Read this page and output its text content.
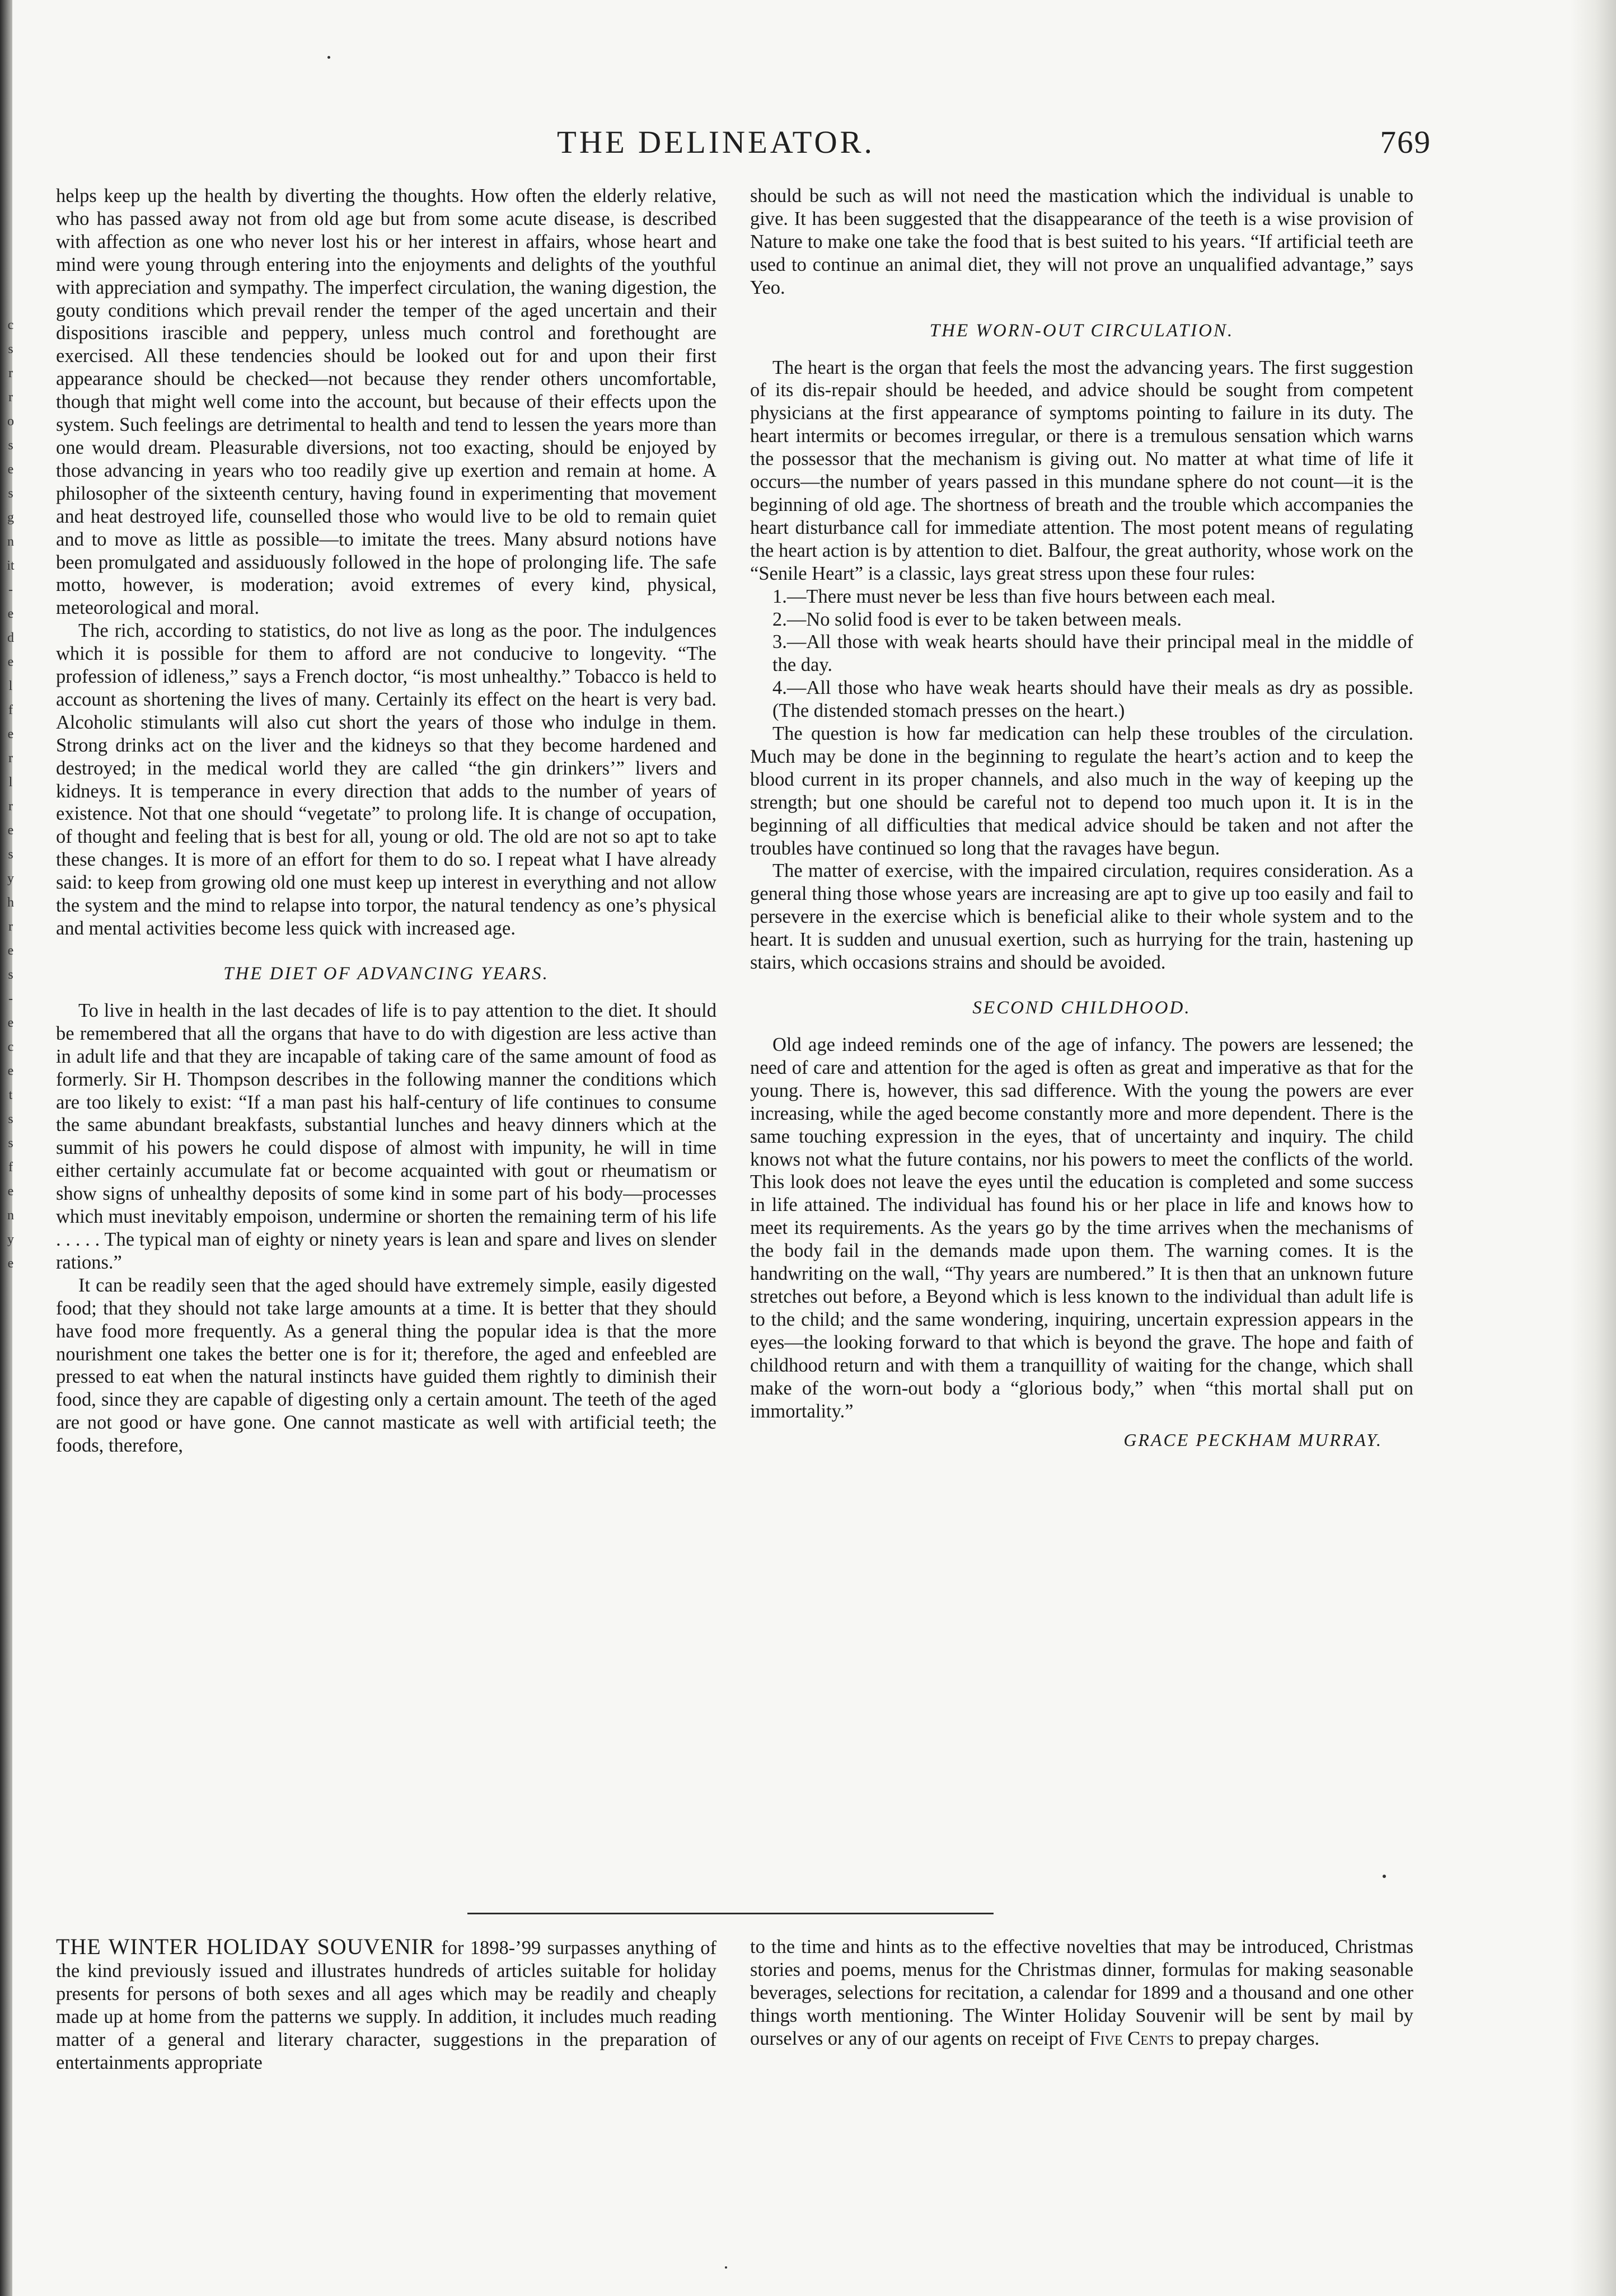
c
s
r
r
o
s
e
s
g
n
it
-
e
d
e
l
f
e
r
l
r
e
s
y
h
r
e
s
-
e
c
e
t
s
s
f
e
n
y
e
THE DELINEATOR.	769

helps keep up the health by diverting the thoughts. How often the elderly relative, who has passed away not from old age but from some acute disease, is described with affection as one who never lost his or her interest in affairs, whose heart and mind were young through entering into the enjoyments and delights of the youthful with appreciation and sympathy. The imperfect circulation, the waning digestion, the gouty conditions which prevail render the temper of the aged uncertain and their dispositions irascible and peppery, unless much control and forethought are exercised. All these tendencies should be looked out for and upon their first appearance should be checked—not because they render others uncomfortable, though that might well come into the account, but because of their effects upon the system. Such feelings are detrimental to health and tend to lessen the years more than one would dream. Pleasurable diversions, not too exacting, should be enjoyed by those advancing in years who too readily give up exertion and remain at home. A philosopher of the sixteenth century, having found in experimenting that movement and heat destroyed life, counselled those who would live to be old to remain quiet and to move as little as possible—to imitate the trees. Many absurd notions have been promulgated and assiduously followed in the hope of prolonging life. The safe motto, however, is moderation; avoid extremes of every kind, physical, meteorological and moral.

The rich, according to statistics, do not live as long as the poor. The indulgences which it is possible for them to afford are not conducive to longevity. “The profession of idleness,” says a French doctor, “is most unhealthy.” Tobacco is held to account as shortening the lives of many. Certainly its effect on the heart is very bad. Alcoholic stimulants will also cut short the years of those who indulge in them. Strong drinks act on the liver and the kidneys so that they become hardened and destroyed; in the medical world they are called “the gin drinkers’” livers and kidneys. It is temperance in every direction that adds to the number of years of existence. Not that one should “vegetate” to prolong life. It is change of occupation, of thought and feeling that is best for all, young or old. The old are not so apt to take these changes. It is more of an effort for them to do so. I repeat what I have already said: to keep from growing old one must keep up interest in everything and not allow the system and the mind to relapse into torpor, the natural tendency as one’s physical and mental activities become less quick with increased age.

THE DIET OF ADVANCING YEARS.

To live in health in the last decades of life is to pay attention to the diet. It should be remembered that all the organs that have to do with digestion are less active than in adult life and that they are incapable of taking care of the same amount of food as formerly. Sir H. Thompson describes in the following manner the conditions which are too likely to exist: “If a man past his half-century of life continues to consume the same abundant breakfasts, substantial lunches and heavy dinners which at the summit of his powers he could dispose of almost with impunity, he will in time either certainly accumulate fat or become acquainted with gout or rheumatism or show signs of unhealthy deposits of some kind in some part of his body—processes which must inevitably empoison, undermine or shorten the remaining term of his life . . . . . The typical man of eighty or ninety years is lean and spare and lives on slender rations.”

It can be readily seen that the aged should have extremely simple, easily digested food; that they should not take large amounts at a time. It is better that they should have food more frequently. As a general thing the popular idea is that the more nourishment one takes the better one is for it; therefore, the aged and enfeebled are pressed to eat when the natural instincts have guided them rightly to diminish their food, since they are capable of digesting only a certain amount. The teeth of the aged are not good or have gone. One cannot masticate as well with artificial teeth; the foods, therefore,

should be such as will not need the mastication which the individual is unable to give. It has been suggested that the disappearance of the teeth is a wise provision of Nature to make one take the food that is best suited to his years. “If artificial teeth are used to continue an animal diet, they will not prove an unqualified advantage,” says Yeo.

THE WORN-OUT CIRCULATION.

The heart is the organ that feels the most the advancing years. The first suggestion of its dis-repair should be heeded, and advice should be sought from competent physicians at the first appearance of symptoms pointing to failure in its duty. The heart intermits or becomes irregular, or there is a tremulous sensation which warns the possessor that the mechanism is giving out. No matter at what time of life it occurs—the number of years passed in this mundane sphere do not count—it is the beginning of old age. The shortness of breath and the trouble which accompanies the heart disturbance call for immediate attention. The most potent means of regulating the heart action is by attention to diet. Balfour, the great authority, whose work on the “Senile Heart” is a classic, lays great stress upon these four rules:

1.—There must never be less than five hours between each meal.

2.—No solid food is ever to be taken between meals.

3.—All those with weak hearts should have their principal meal in the middle of the day.

4.—All those who have weak hearts should have their meals as dry as possible. (The distended stomach presses on the heart.)

The question is how far medication can help these troubles of the circulation. Much may be done in the beginning to regulate the heart’s action and to keep the blood current in its proper channels, and also much in the way of keeping up the strength; but one should be careful not to depend too much upon it. It is in the beginning of all difficulties that medical advice should be taken and not after the troubles have continued so long that the ravages have begun.

The matter of exercise, with the impaired circulation, requires consideration. As a general thing those whose years are increasing are apt to give up too easily and fail to persevere in the exercise which is beneficial alike to their whole system and to the heart. It is sudden and unusual exertion, such as hurrying for the train, hastening up stairs, which occasions strains and should be avoided.

SECOND CHILDHOOD.

Old age indeed reminds one of the age of infancy. The powers are lessened; the need of care and attention for the aged is often as great and imperative as that for the young. There is, however, this sad difference. With the young the powers are ever increasing, while the aged become constantly more and more dependent. There is the same touching expression in the eyes, that of uncertainty and inquiry. The child knows not what the future contains, nor his powers to meet the conflicts of the world. This look does not leave the eyes until the education is completed and some success in life attained. The individual has found his or her place in life and knows how to meet its requirements. As the years go by the time arrives when the mechanisms of the body fail in the demands made upon them. The warning comes. It is the handwriting on the wall, “Thy years are numbered.” It is then that an unknown future stretches out before, a Beyond which is less known to the individual than adult life is to the child; and the same wondering, inquiring, uncertain expression appears in the eyes—the looking forward to that which is beyond the grave. The hope and faith of childhood return and with them a tranquillity of waiting for the change, which shall make of the worn-out body a “glorious body,” when “this mortal shall put on immortality.”

GRACE PECKHAM MURRAY.

THE WINTER HOLIDAY SOUVENIR for 1898-’99 surpasses anything of the kind previously issued and illustrates hundreds of articles suitable for holiday presents for persons of both sexes and all ages which may be readily and cheaply made up at home from the patterns we supply. In addition, it includes much reading matter of a general and literary character, suggestions in the preparation of entertainments appropriate

to the time and hints as to the effective novelties that may be introduced, Christmas stories and poems, menus for the Christmas dinner, formulas for making seasonable beverages, selections for recitation, a calendar for 1899 and a thousand and one other things worth mentioning. The Winter Holiday Souvenir will be sent by mail by ourselves or any of our agents on receipt of Five Cents to prepay charges.
